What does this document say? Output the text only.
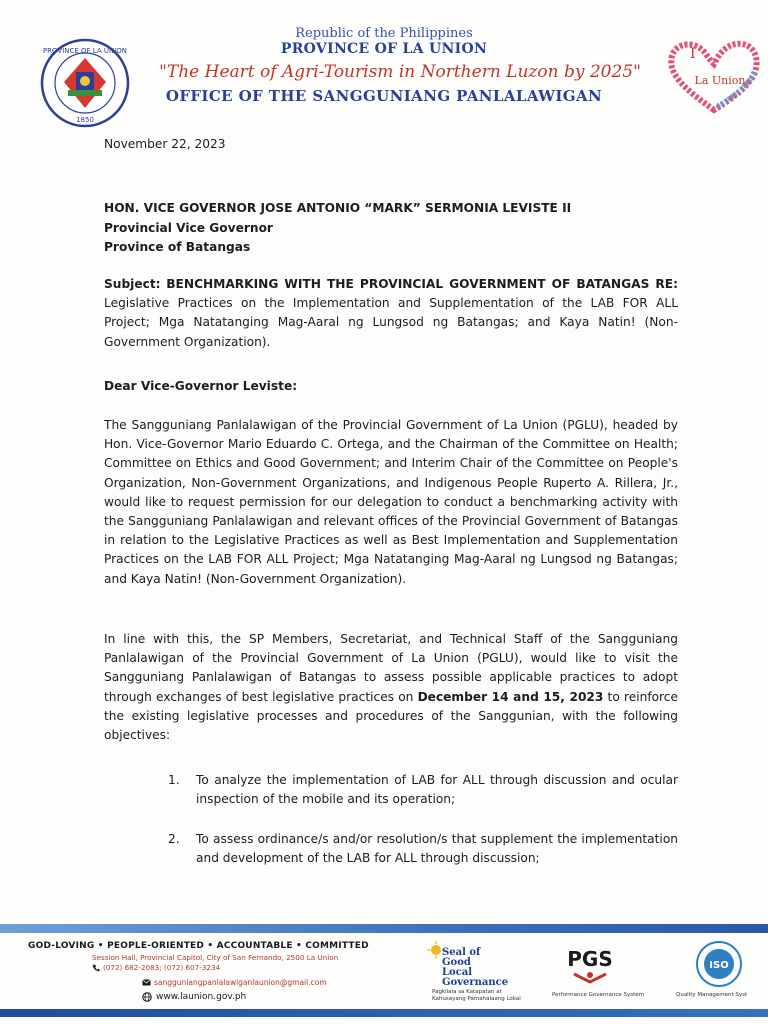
PROVINCE OF LA UNION
1850
Republic of the Philippines
PROVINCE OF LA UNION
"The Heart of Agri-Tourism in Northern Luzon by 2025"
OFFICE OF THE SANGGUNIANG PANLALAWIGAN
I
La Union
November 22, 2023
HON. VICE GOVERNOR JOSE ANTONIO “MARK” SERMONIA LEVISTE II
Provincial Vice Governor
Province of Batangas
Subject: BENCHMARKING WITH THE PROVINCIAL GOVERNMENT OF BATANGAS RE: Legislative Practices on the Implementation and Supplementation of the LAB FOR ALL Project; Mga Natatanging Mag-Aaral ng Lungsod ng Batangas; and Kaya Natin! (Non-Government Organization).
Dear Vice-Governor Leviste:
The Sangguniang Panlalawigan of the Provincial Government of La Union (PGLU), headed by Hon. Vice-Governor Mario Eduardo C. Ortega, and the Chairman of the Committee on Health; Committee on Ethics and Good Government; and Interim Chair of the Committee on People's Organization, Non-Government Organizations, and Indigenous People Ruperto A. Rillera, Jr., would like to request permission for our delegation to conduct a benchmarking activity with the Sangguniang Panlalawigan and relevant offices of the Provincial Government of Batangas in relation to the Legislative Practices as well as Best Implementation and Supplementation Practices on the LAB FOR ALL Project; Mga Natatanging Mag-Aaral ng Lungsod ng Batangas; and Kaya Natin! (Non-Government Organization).
In line with this, the SP Members, Secretariat, and Technical Staff of the Sangguniang Panlalawigan of the Provincial Government of La Union (PGLU), would like to visit the Sangguniang Panlalawigan of Batangas to assess possible applicable practices to adopt through exchanges of best legislative practices on December 14 and 15, 2023 to reinforce the existing legislative processes and procedures of the Sanggunian, with the following objectives:
1.	To analyze the implementation of LAB for ALL through discussion and ocular inspection of the mobile and its operation;
2.	To assess ordinance/s and/or resolution/s that supplement the implementation and development of the LAB for ALL through discussion;
GOD-LOVING • PEOPLE-ORIENTED • ACCOUNTABLE • COMMITTED
Session Hall, Provincial Capitol, City of San Fernando, 2500 La Union
(072) 682-2083; (072) 607-3234
sangguniangpanlalawiganlaunion@gmail.com
www.launion.gov.ph
Seal of
Good
Local
Governance
Pagkilala sa Katapatan at Kahusayang Pamahalaang Lokal
PGS
Performance Governance System
ISO
Quality Management Syst
